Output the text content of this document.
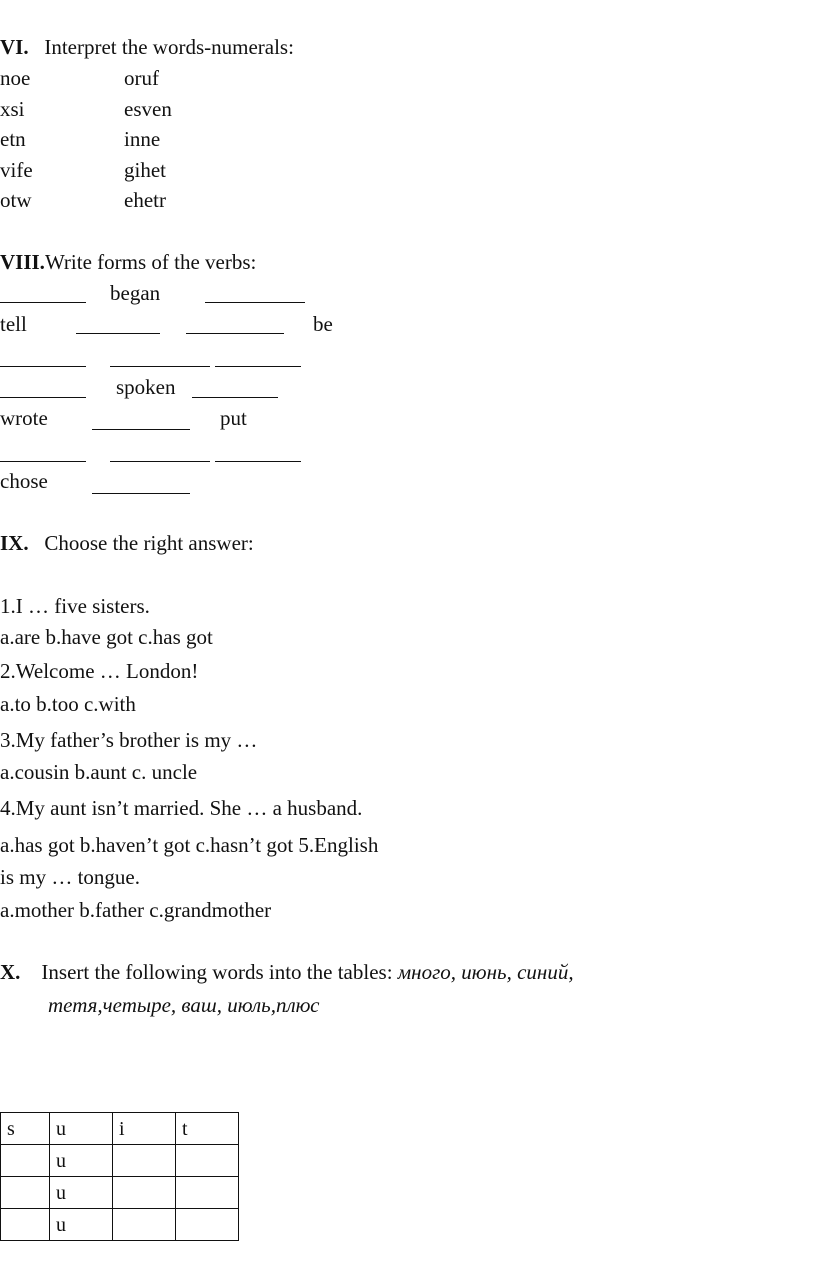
VI. Interpret the words-numerals:
noe	oruf
xsi	esven
etn	inne
vife	gihet
otw	ehetr
VIII.Write forms of the verbs:
began
tell	be
spoken
wrote	put
chose
IX. Choose the right answer:
1.I … five sisters.
a.are b.have got c.has got
2.Welcome … London!
a.to b.too c.with
3.My father’s brother is my …
a.cousin b.aunt c. uncle
4.My aunt isn’t married. She … a husband.
a.has got b.haven’t got c.hasn’t got 5.English
is my … tongue.
a.mother b.father c.grandmother
X. Insert the following words into the tables: много, июнь, синий,
тетя,четыре, ваш, июль,плюс
s	u	i	t
	u		
	u		
	u		
